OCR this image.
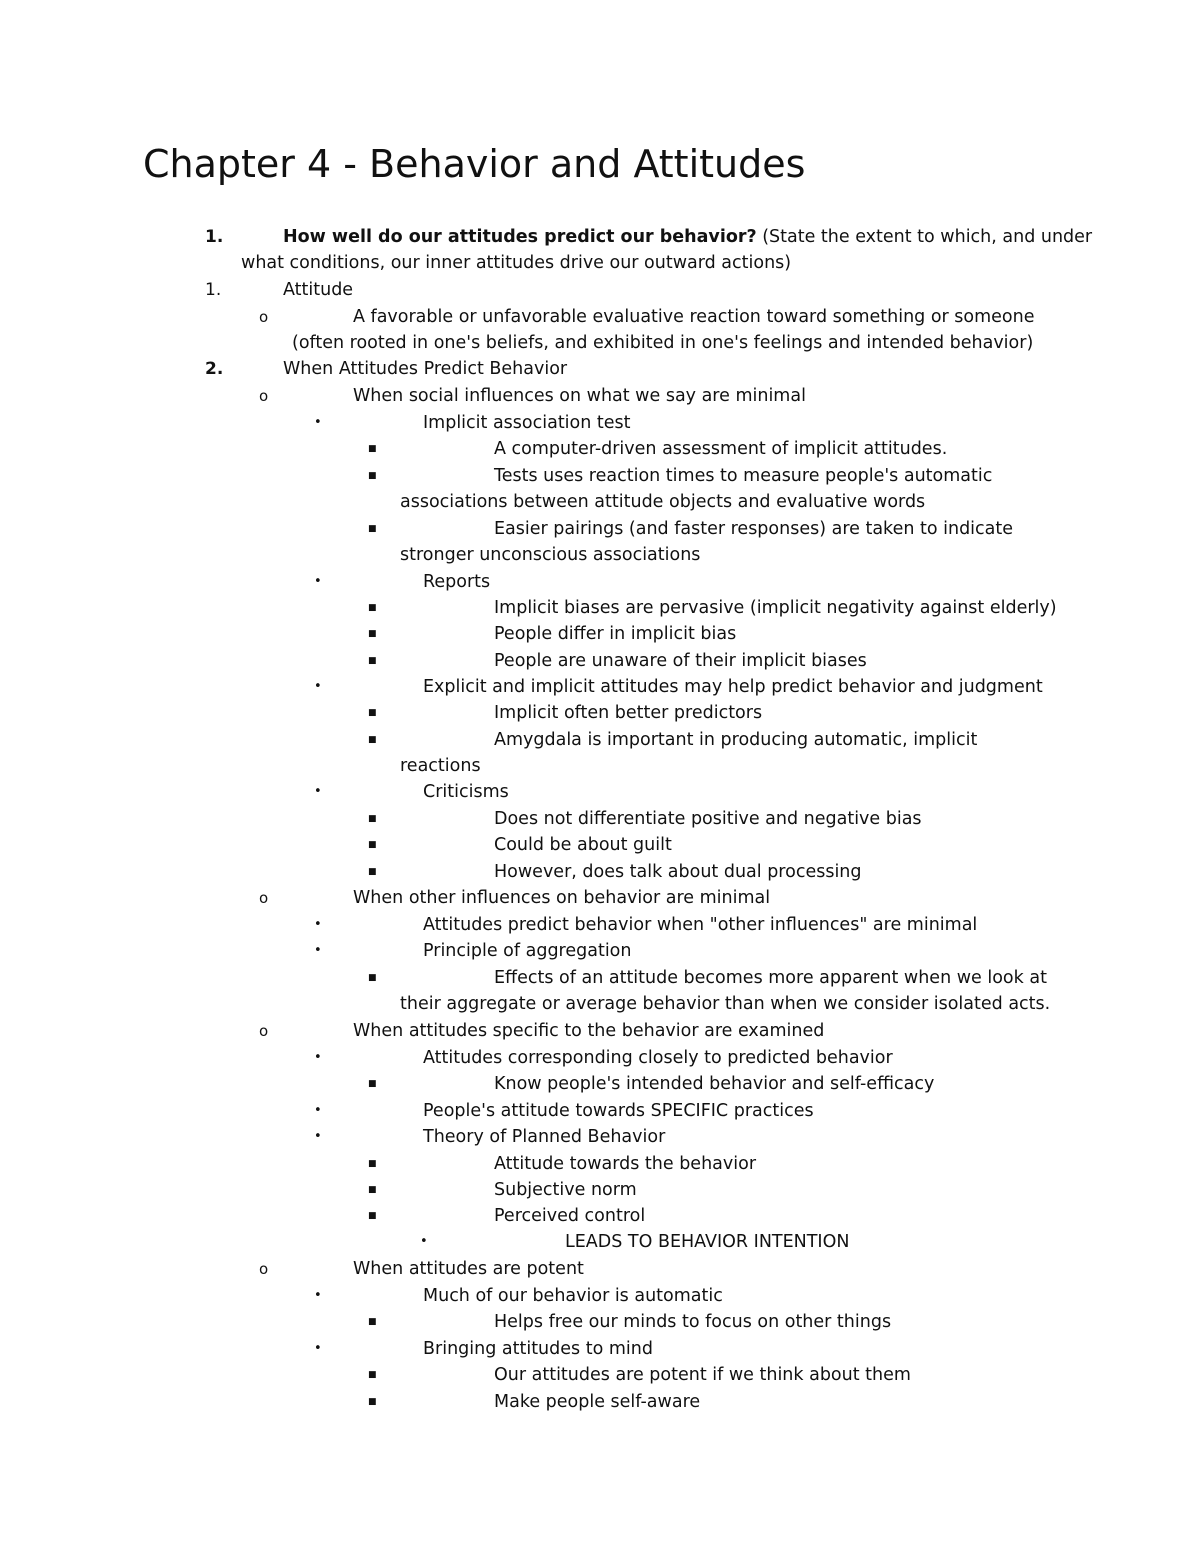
Chapter 4 - Behavior and Attitudes
1.	How well do our attitudes predict our behavior? (State the extent to which, and under
what conditions, our inner attitudes drive our outward actions)
1.	Attitude
o	A favorable or unfavorable evaluative reaction toward something or someone
(often rooted in one's beliefs, and exhibited in one's feelings and intended behavior)
2.	When Attitudes Predict Behavior
o	When social influences on what we say are minimal
•	Implicit association test
■	A computer-driven assessment of implicit attitudes.
■	Tests uses reaction times to measure people's automatic
associations between attitude objects and evaluative words
■	Easier pairings (and faster responses) are taken to indicate
stronger unconscious associations
•	Reports
■	Implicit biases are pervasive (implicit negativity against elderly)
■	People differ in implicit bias
■	People are unaware of their implicit biases
•	Explicit and implicit attitudes may help predict behavior and judgment
■	Implicit often better predictors
■	Amygdala is important in producing automatic, implicit
reactions
•	Criticisms
■	Does not differentiate positive and negative bias
■	Could be about guilt
■	However, does talk about dual processing
o	When other influences on behavior are minimal
•	Attitudes predict behavior when "other influences" are minimal
•	Principle of aggregation
■	Effects of an attitude becomes more apparent when we look at
their aggregate or average behavior than when we consider isolated acts.
o	When attitudes specific to the behavior are examined
•	Attitudes corresponding closely to predicted behavior
■	Know people's intended behavior and self-efficacy
•	People's attitude towards SPECIFIC practices
•	Theory of Planned Behavior
■	Attitude towards the behavior
■	Subjective norm
■	Perceived control
•	LEADS TO BEHAVIOR INTENTION
o	When attitudes are potent
•	Much of our behavior is automatic
■	Helps free our minds to focus on other things
•	Bringing attitudes to mind
■	Our attitudes are potent if we think about them
■	Make people self-aware
